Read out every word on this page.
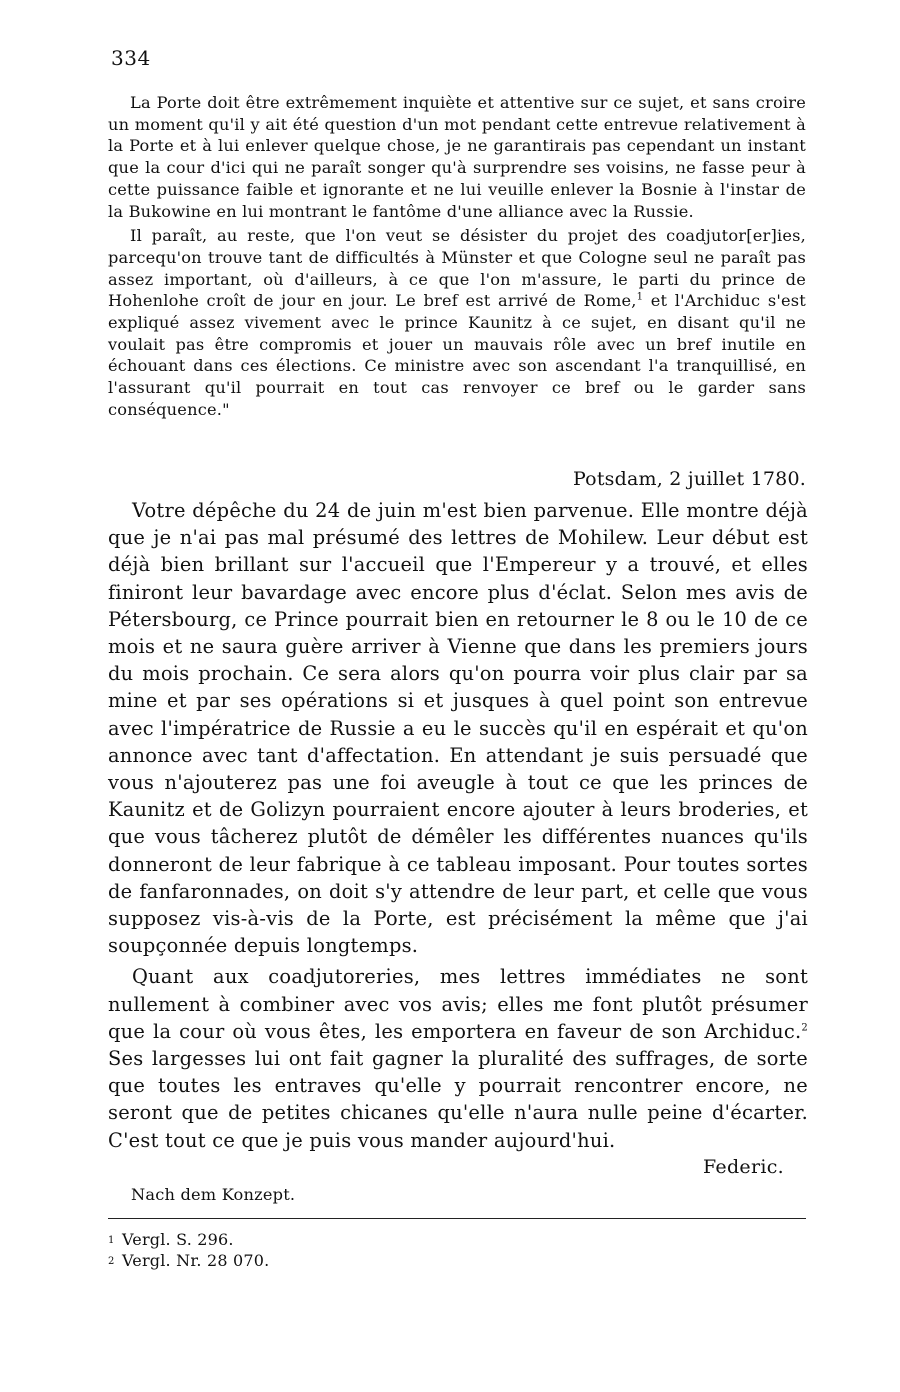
334

La Porte doit être extrêmement inquiète et attentive sur ce sujet, et sans croire un moment qu'il y ait été question d'un mot pendant cette entrevue relativement à la Porte et à lui enlever quelque chose, je ne garantirais pas cependant un instant que la cour d'ici qui ne paraît songer qu'à surprendre ses voisins, ne fasse peur à cette puissance faible et ignorante et ne lui veuille enlever la Bosnie à l'instar de la Bukowine en lui montrant le fantôme d'une alliance avec la Russie.

Il paraît, au reste, que l'on veut se désister du projet des coadjutor[er]ies, parcequ'on trouve tant de difficultés à Münster et que Cologne seul ne paraît pas assez important, où d'ailleurs, à ce que l'on m'assure, le parti du prince de Hohenlohe croît de jour en jour. Le bref est arrivé de Rome,$^1$ et l'Archiduc s'est expliqué assez vivement avec le prince Kaunitz à ce sujet, en disant qu'il ne voulait pas être compromis et jouer un mauvais rôle avec un bref inutile en échouant dans ces élections. Ce ministre avec son ascendant l'a tranquillisé, en l'assurant qu'il pourrait en tout cas renvoyer ce bref ou le garder sans conséquence."

Potsdam, 2 juillet 1780.

Votre dépêche du 24 de juin m'est bien parvenue. Elle montre déjà que je n'ai pas mal présumé des lettres de Mohilew. Leur début est déjà bien brillant sur l'accueil que l'Empereur y a trouvé, et elles finiront leur bavardage avec encore plus d'éclat. Selon mes avis de Pétersbourg, ce Prince pourrait bien en retourner le 8 ou le 10 de ce mois et ne saura guère arriver à Vienne que dans les premiers jours du mois prochain. Ce sera alors qu'on pourra voir plus clair par sa mine et par ses opérations si et jusques à quel point son entrevue avec l'impératrice de Russie a eu le succès qu'il en espérait et qu'on annonce avec tant d'affectation. En attendant je suis persuadé que vous n'ajouterez pas une foi aveugle à tout ce que les princes de Kaunitz et de Golizyn pourraient encore ajouter à leurs broderies, et que vous tâcherez plutôt de démêler les différentes nuances qu'ils donneront de leur fabrique à ce tableau imposant. Pour toutes sortes de fanfaronnades, on doit s'y attendre de leur part, et celle que vous supposez vis-à-vis de la Porte, est précisément la même que j'ai soupçonnée depuis longtemps.

Quant aux coadjutoreries, mes lettres immédiates ne sont nullement à combiner avec vos avis; elles me font plutôt présumer que la cour où vous êtes, les emportera en faveur de son Archiduc.$^2$ Ses largesses lui ont fait gagner la pluralité des suffrages, de sorte que toutes les entraves qu'elle y pourrait rencontrer encore, ne seront que de petites chicanes qu'elle n'aura nulle peine d'écarter. C'est tout ce que je puis vous mander aujourd'hui.

Federic.
Nach dem Konzept.
1 Vergl. S. 296.
2 Vergl. Nr. 28 070.
